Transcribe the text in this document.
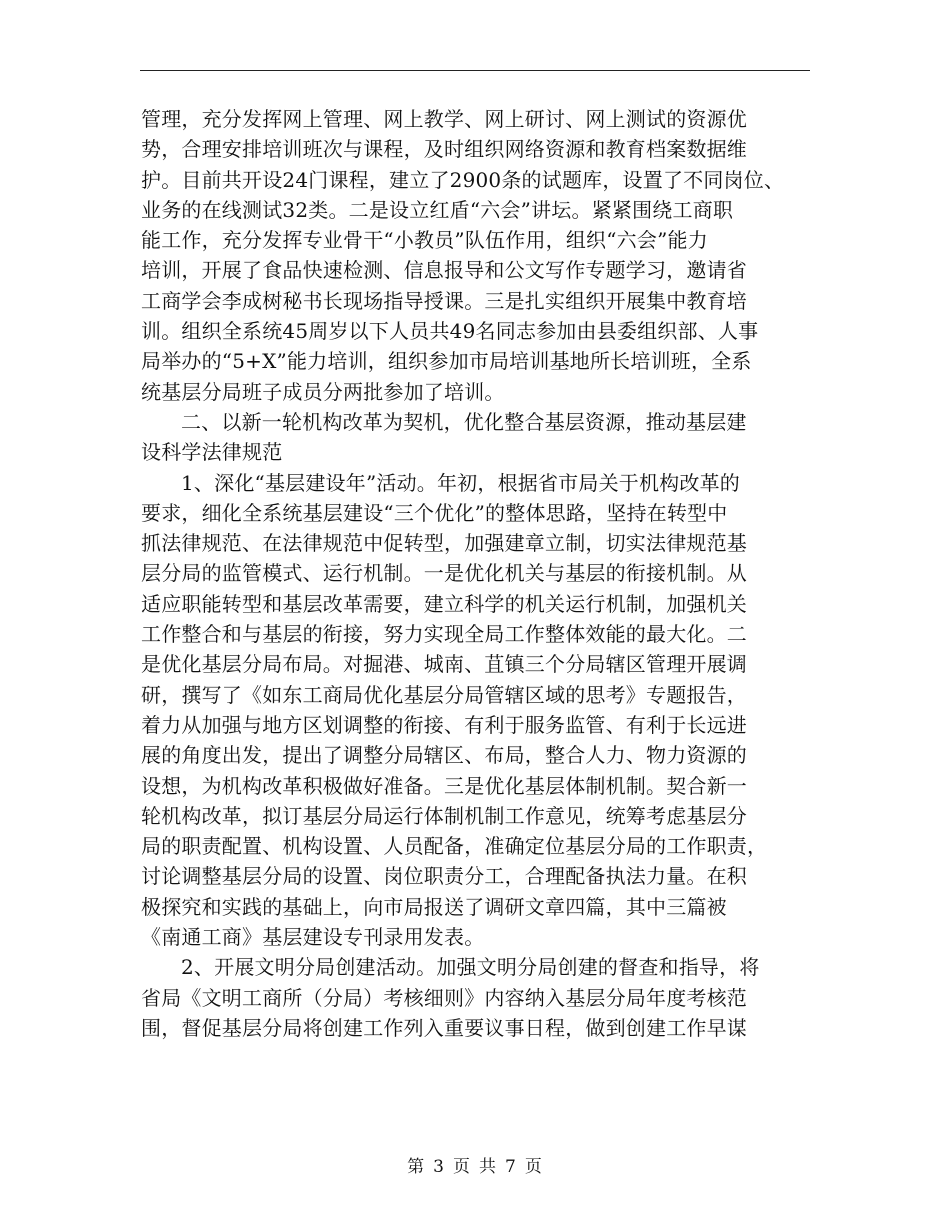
管理，充分发挥网上管理、网上教学、网上研讨、网上测试的资源优
势，合理安排培训班次与课程，及时组织网络资源和教育档案数据维
护。目前共开设24门课程，建立了2900条的试题库，设置了不同岗位、
业务的在线测试32类。二是设立红盾“六会”讲坛。紧紧围绕工商职
能工作，充分发挥专业骨干“小教员”队伍作用，组织“六会”能力
培训，开展了食品快速检测、信息报导和公文写作专题学习，邀请省
工商学会李成树秘书长现场指导授课。三是扎实组织开展集中教育培
训。组织全系统45周岁以下人员共49名同志参加由县委组织部、人事
局举办的“5+X”能力培训，组织参加市局培训基地所长培训班，全系
统基层分局班子成员分两批参加了培训。
二、以新一轮机构改革为契机，优化整合基层资源，推动基层建
设科学法律规范
1、深化“基层建设年”活动。年初，根据省市局关于机构改革的
要求，细化全系统基层建设“三个优化”的整体思路，坚持在转型中
抓法律规范、在法律规范中促转型，加强建章立制，切实法律规范基
层分局的监管模式、运行机制。一是优化机关与基层的衔接机制。从
适应职能转型和基层改革需要，建立科学的机关运行机制，加强机关
工作整合和与基层的衔接，努力实现全局工作整体效能的最大化。二
是优化基层分局布局。对掘港、城南、苴镇三个分局辖区管理开展调
研，撰写了《如东工商局优化基层分局管辖区域的思考》专题报告，
着力从加强与地方区划调整的衔接、有利于服务监管、有利于长远进
展的角度出发，提出了调整分局辖区、布局，整合人力、物力资源的
设想，为机构改革积极做好准备。三是优化基层体制机制。契合新一
轮机构改革，拟订基层分局运行体制机制工作意见，统筹考虑基层分
局的职责配置、机构设置、人员配备，准确定位基层分局的工作职责，
讨论调整基层分局的设置、岗位职责分工，合理配备执法力量。在积
极探究和实践的基础上，向市局报送了调研文章四篇，其中三篇被
《南通工商》基层建设专刊录用发表。
2、开展文明分局创建活动。加强文明分局创建的督查和指导，将
省局《文明工商所（分局）考核细则》内容纳入基层分局年度考核范
围，督促基层分局将创建工作列入重要议事日程，做到创建工作早谋
第 3 页 共 7 页
